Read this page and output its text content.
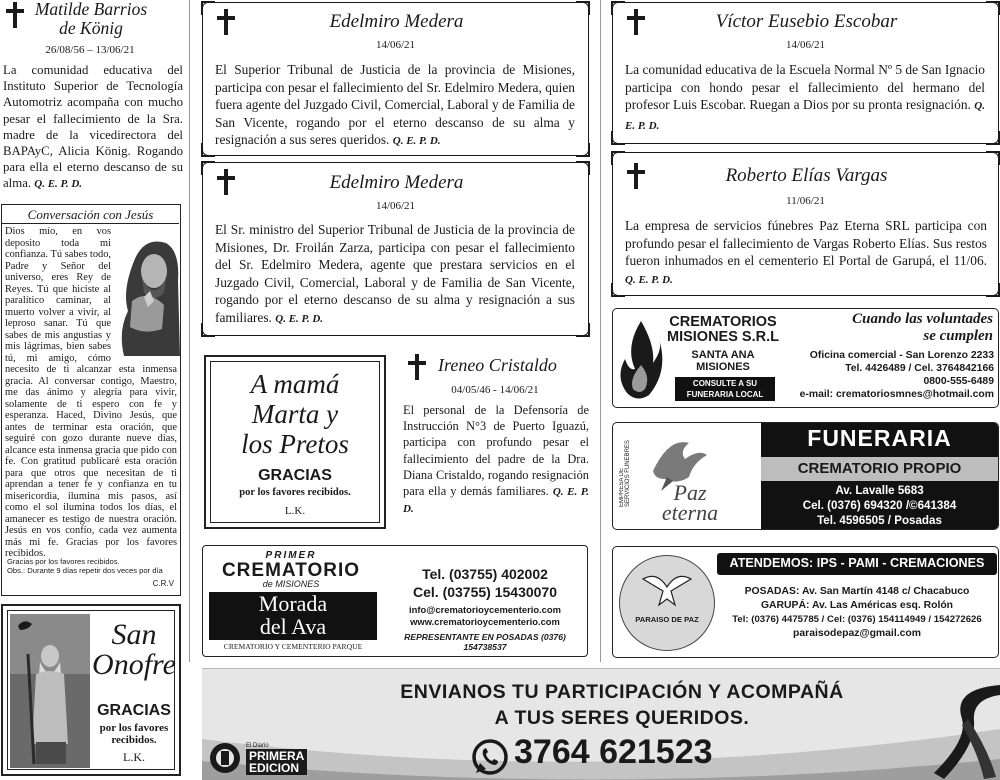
Matilde Barrios
de König
26/08/56 – 13/06/21
La comunidad educativa del Instituto Superior de Tecnología Automotriz acompaña con mucho pesar el fallecimiento de la Sra. madre de la vicedirectora del BAPAyC, Alicia König. Rogando para ella el eterno descanso de su alma. Q. E. P. D.
Conversación con Jesús
Dios mío, en vos deposito toda mi confianza. Tú sabes todo, Padre y Señor del universo, eres Rey de Reyes. Tú que hiciste al paralítico caminar, al muerto volver a vivir, al leproso sanar. Tú que sabes de mis angustias y mis lágrimas, bien sabes tú, mi amigo, cómo necesito de ti alcanzar esta inmensa gracia. Al conversar contigo, Maestro, me das ánimo y alegría para vivir, solamente de ti espero con fe y esperanza. Haced, Divino Jesús, que antes de terminar esta oración, que seguiré con gozo durante nueve días, alcance esta inmensa gracia que pido con fe. Con gratitud publicaré esta oración para que otros que necesitan de ti aprendan a tener fe y confianza en tu misericordia, ilumina mis pasos, así como el sol ilumina todos los días, el amanecer es testigo de nuestra oración. Jesús en vos confío, cada vez aumenta más mi fe. Gracias por los favores recibidos.
Gracias por los favores recibidos.
Obs.: Durante 9 días repetir dos veces por día
C.R.V
San
Onofre
GRACIAS
por los favores recibidos.
L.K.
Edelmiro Medera
14/06/21
El Superior Tribunal de Justicia de la provincia de Misiones, participa con pesar el fallecimiento del Sr. Edelmiro Medera, quien fuera agente del Juzgado Civil, Comercial, Laboral y de Familia de San Vicente, rogando por el eterno descanso de su alma y resignación a sus seres queridos. Q. E. P. D.
Edelmiro Medera
14/06/21
El Sr. ministro del Superior Tribunal de Justicia de la provincia de Misiones, Dr. Froilán Zarza, participa con pesar el fallecimiento del Sr. Edelmiro Medera, agente que prestara servicios en el Juzgado Civil, Comercial, Laboral y de Familia de San Vicente, rogando por el eterno descanso de su alma y resignación a sus familiares. Q. E. P. D.
A mamá
Marta y
los Pretos
GRACIAS
por los favores recibidos.
L.K.
Ireneo Cristaldo
04/05/46 - 14/06/21
El personal de la Defensoría de Instrucción N°3 de Puerto Iguazú, participa con profundo pesar el fallecimiento del padre de la Dra. Diana Cristaldo, rogando resignación para ella y demás familiares. Q. E. P. D.
PRIMER
CREMATORIO
de MISIONES
Morada
del Ava
CREMATORIO Y CEMENTERIO PARQUE
Tel. (03755) 402002
Cel. (03755) 15430070
info@crematorioycementerio.com
www.crematorioycementerio.com
REPRESENTANTE EN POSADAS (0376) 154738537
Víctor Eusebio Escobar
14/06/21
La comunidad educativa de la Escuela Normal Nº 5 de San Ignacio participa con hondo pesar el fallecimiento del hermano del profesor Luis Escobar. Ruegan a Dios por su pronta resignación. Q. E. P. D.
Roberto Elías Vargas
11/06/21
La empresa de servicios fúnebres Paz Eterna SRL participa con profundo pesar el fallecimiento de Vargas Roberto Elías. Sus restos fueron inhumados en el cementerio El Portal de Garupá, el 11/06. Q. E. P. D.
CREMATORIOS
MISIONES S.R.L
SANTA ANA
MISIONES
CONSULTE A SU
FUNERARIA LOCAL
Cuando las voluntades
se cumplen
Oficina comercial - San Lorenzo 2233
Tel. 4426489 / Cel. 3764842166
0800-555-6489
e-mail: crematoriosmnes@hotmail.com
EMPRESA DE SERVICIOS FUNEBRES	Paz
eterna
FUNERARIA
CREMATORIO PROPIO
Av. Lavalle 5683
Cel. (0376) 694320 /©641384
Tel. 4596505 / Posadas
PARAISO DE PAZ
ATENDEMOS: IPS - PAMI - CREMACIONES
POSADAS: Av. San Martín 4148 c/ Chacabuco
GARUPÁ: Av. Las Américas esq. Rolón
Tel: (0376) 4475785 / Cel: (0376) 154114949 / 154272626
paraisodepaz@gmail.com
ENVIANOS TU PARTICIPACIÓN Y ACOMPAÑÁ
A TUS SERES QUERIDOS.
3764 621523
El Diario
PRIMERA
EDICION
